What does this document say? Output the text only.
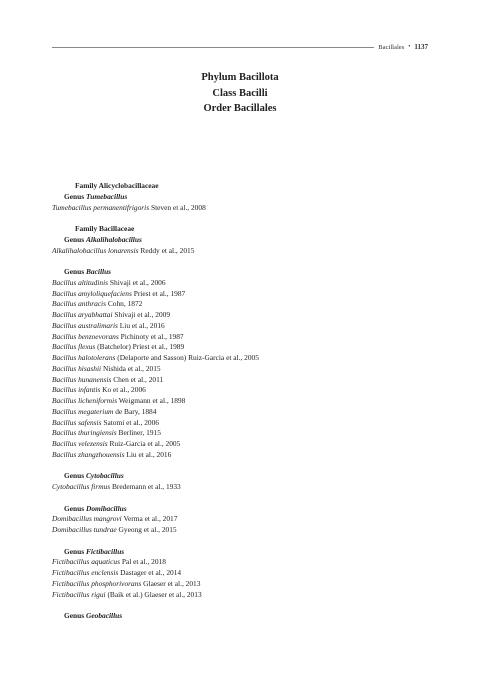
Bacillales • 1137
Phylum Bacillota
Class Bacilli
Order Bacillales
Family Alicyclobacillaceae
Genus Tumebacillus
Tumebacillus permanentifrigoris Steven et al., 2008
Family Bacillaceae
Genus Alkalihalobacillus
Alkalihalobacillus lonarensis Reddy et al., 2015
Genus Bacillus
Bacillus altitudinis Shivaji et al., 2006
Bacillus amyloliquefaciens Priest et al., 1987
Bacillus anthracis Cohn, 1872
Bacillus aryabhattai Shivaji et al., 2009
Bacillus australimaris Liu et al., 2016
Bacillus benzoevorans Pichinoty et al., 1987
Bacillus flexus (Batchelor) Priest et al., 1989
Bacillus halotolerans (Delaporte and Sasson) Ruiz-Garcia et al., 2005
Bacillus hisashii Nishida et al., 2015
Bacillus hunanensis Chen et al., 2011
Bacillus infantis Ko et al., 2006
Bacillus licheniformis Weigmann et al., 1898
Bacillus megaterium de Bary, 1884
Bacillus safensis Satomi et al., 2006
Bacillus thuringiensis Berliner, 1915
Bacillus velezensis Ruiz-Garcia et al., 2005
Bacillus zhangzhouensis Liu et al., 2016
Genus Cytobacillus
Cytobacillus firmus Bredemann et al., 1933
Genus Domibacillus
Domibacillus mangrovi Verma et al., 2017
Domibacillus tundrae Gyeong et al., 2015
Genus Fictibacillus
Fictibacillus aquaticus Pal et al., 2018
Fictibacillus enclensis Dastager et al., 2014
Fictibacillus phosphorivorans Glaeser et al., 2013
Fictibacillus rigui (Baik et al.) Glaeser et al., 2013
Genus Geobacillus
